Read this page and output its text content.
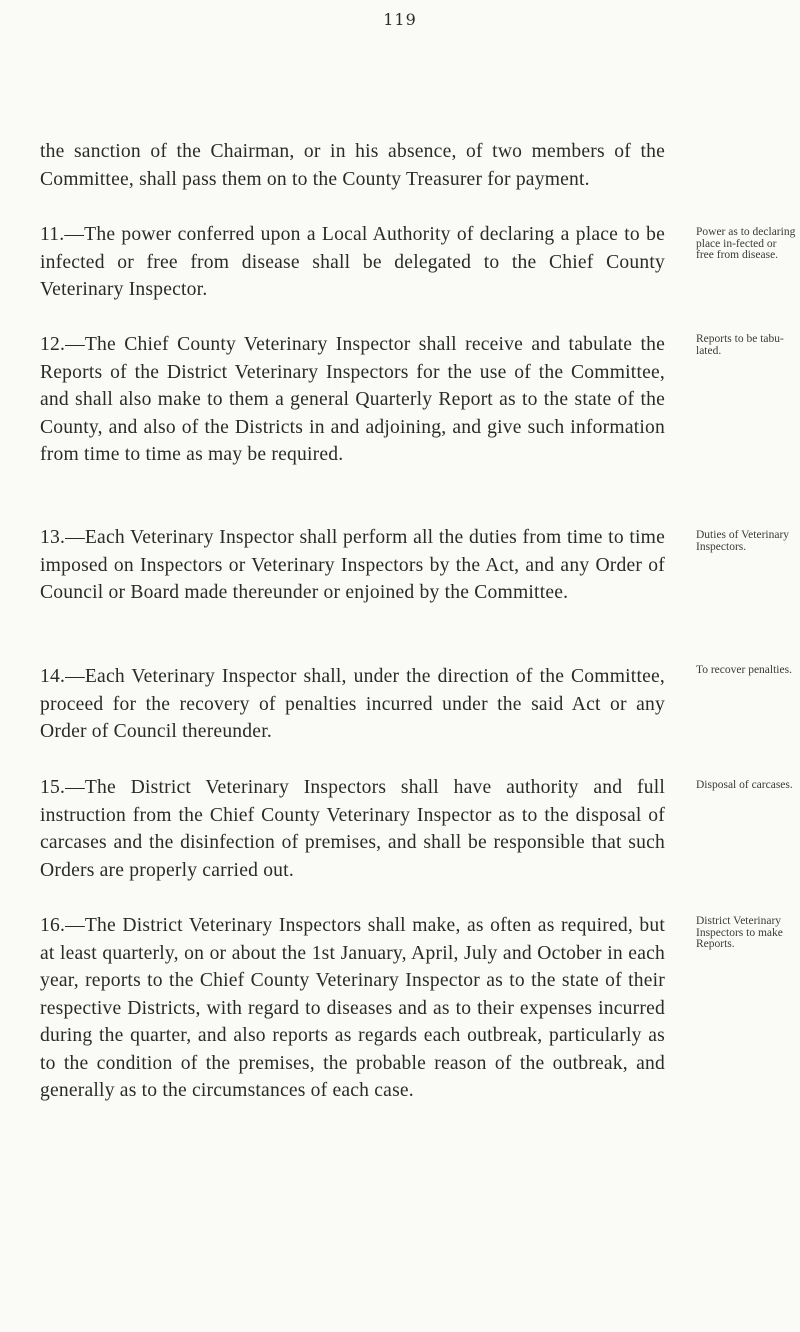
119
the sanction of the Chairman, or in his absence, of two members of the Committee, shall pass them on to the County Treasurer for payment.
11.—The power conferred upon a Local Authority of declaring a place to be infected or free from disease shall be delegated to the Chief County Veterinary Inspector.
Power as to declaring place in-fected or free from disease.
12.—The Chief County Veterinary Inspector shall receive and tabulate the Reports of the District Veterinary Inspectors for the use of the Committee, and shall also make to them a general Quarterly Report as to the state of the County, and also of the Districts in and adjoining, and give such information from time to time as may be required.
Reports to be tabu-lated.
13.—Each Veterinary Inspector shall perform all the duties from time to time imposed on Inspectors or Veterinary Inspectors by the Act, and any Order of Council or Board made thereunder or enjoined by the Committee.
Duties of Veterinary Inspectors.
14.—Each Veterinary Inspector shall, under the direction of the Committee, proceed for the recovery of penalties incurred under the said Act or any Order of Council thereunder.
To recover penalties.
15.—The District Veterinary Inspectors shall have authority and full instruction from the Chief County Veterinary Inspector as to the disposal of carcases and the disinfection of premises, and shall be responsible that such Orders are properly carried out.
Disposal of carcases.
16.—The District Veterinary Inspectors shall make, as often as required, but at least quarterly, on or about the 1st January, April, July and October in each year, reports to the Chief County Veterinary Inspector as to the state of their respective Districts, with regard to diseases and as to their expenses incurred during the quarter, and also reports as regards each outbreak, particularly as to the condition of the premises, the probable reason of the outbreak, and generally as to the circumstances of each case.
District Veterinary Inspectors to make Reports.
